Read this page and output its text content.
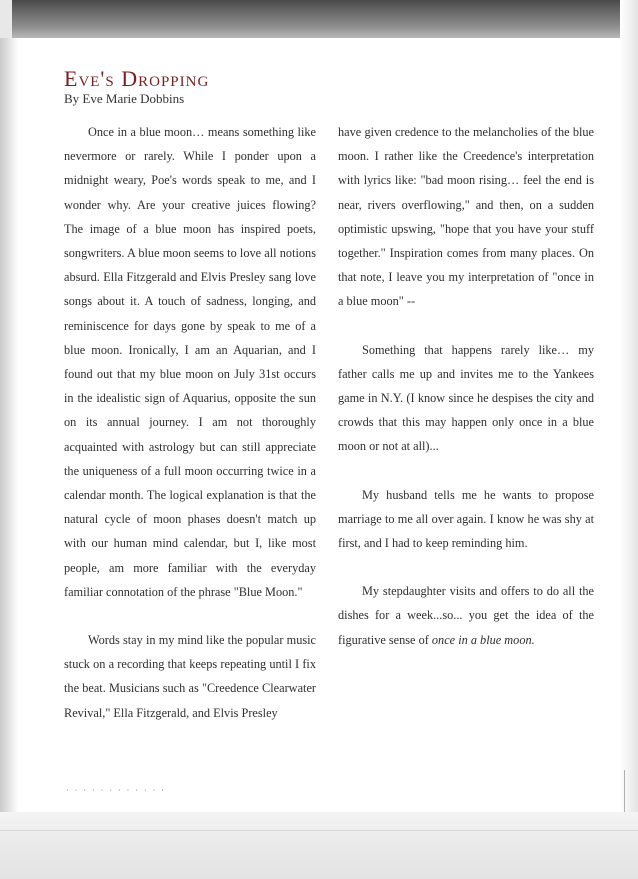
Eve's Dropping
By Eve Marie Dobbins

Once in a blue moon… means something like nevermore or rarely. While I ponder upon a midnight weary, Poe's words speak to me, and I wonder why. Are your creative juices flowing? The image of a blue moon has inspired poets, songwriters. A blue moon seems to love all notions absurd. Ella Fitzgerald and Elvis Presley sang love songs about it. A touch of sadness, longing, and reminiscence for days gone by speak to me of a blue moon. Ironically, I am an Aquarian, and I found out that my blue moon on July 31st occurs in the idealistic sign of Aquarius, opposite the sun on its annual journey. I am not thoroughly acquainted with astrology but can still appreciate the uniqueness of a full moon occurring twice in a calendar month. The logical explanation is that the natural cycle of moon phases doesn't match up with our human mind calendar, but I, like most people, am more familiar with the everyday familiar connotation of the phrase "Blue Moon."

Words stay in my mind like the popular music stuck on a recording that keeps repeating until I fix the beat. Musicians such as "Creedence Clearwater Revival," Ella Fitzgerald, and Elvis Presley

have given credence to the melancholies of the blue moon. I rather like the Creedence's interpretation with lyrics like: "bad moon rising… feel the end is near, rivers overflowing," and then, on a sudden optimistic upswing, "hope that you have your stuff together." Inspiration comes from many places. On that note, I leave you my interpretation of "once in a blue moon" --

Something that happens rarely like… my father calls me up and invites me to the Yankees game in N.Y. (I know since he despises the city and crowds that this may happen only once in a blue moon or not at all)...

My husband tells me he wants to propose marriage to me all over again. I know he was shy at first, and I had to keep reminding him.

My stepdaughter visits and offers to do all the dishes for a week...so... you get the idea of the figurative sense of once in a blue moon.

· · · · · · · · · · · ·
